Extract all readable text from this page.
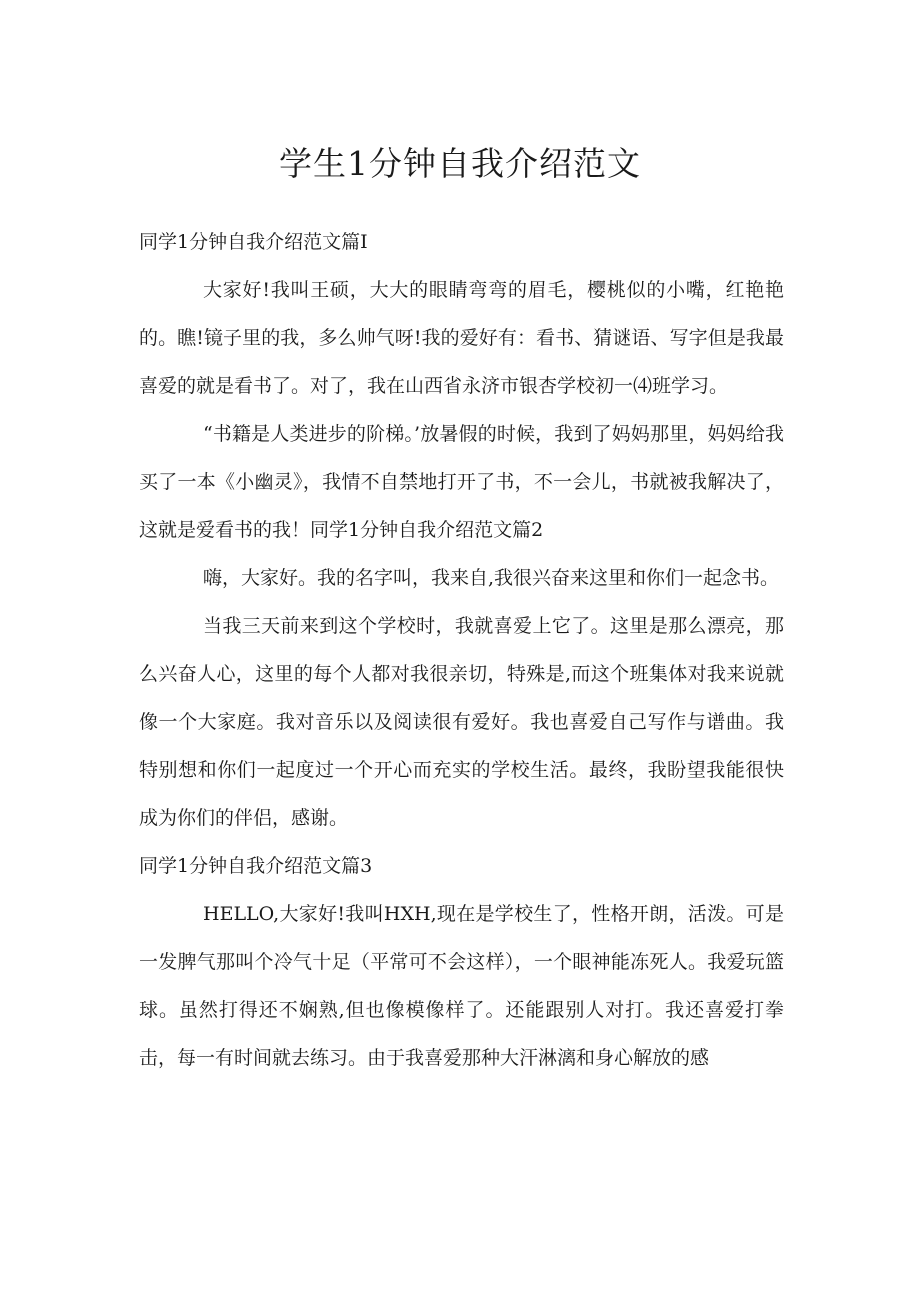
学生1分钟自我介绍范文

同学1分钟自我介绍范文篇I

大家好!我叫王硕，大大的眼睛弯弯的眉毛，樱桃似的小嘴，红艳艳的。瞧!镜子里的我，多么帅气呀!我的爱好有：看书、猜谜语、写字但是我最喜爱的就是看书了。对了，我在山西省永济市银杏学校初一⑷班学习。

“书籍是人类进步的阶梯。’放暑假的时候，我到了妈妈那里，妈妈给我买了一本《小幽灵》，我情不自禁地打开了书，不一会儿，书就被我解决了，这就是爱看书的我！同学1分钟自我介绍范文篇2

嗨，大家好。我的名字叫，我来自,我很兴奋来这里和你们一起念书。

当我三天前来到这个学校时，我就喜爱上它了。这里是那么漂亮，那么兴奋人心，这里的每个人都对我很亲切，特殊是,而这个班集体对我来说就像一个大家庭。我对音乐以及阅读很有爱好。我也喜爱自己写作与谱曲。我特别想和你们一起度过一个开心而充实的学校生活。最终，我盼望我能很快成为你们的伴侣，感谢。

同学1分钟自我介绍范文篇3

HELLO,大家好!我叫HXH,现在是学校生了，性格开朗，活泼。可是一发脾气那叫个冷气十足（平常可不会这样），一个眼神能冻死人。我爱玩篮球。虽然打得还不娴熟,但也像模像样了。还能跟别人对打。我还喜爱打拳击，每一有时间就去练习。由于我喜爱那种大汗淋漓和身心解放的感
